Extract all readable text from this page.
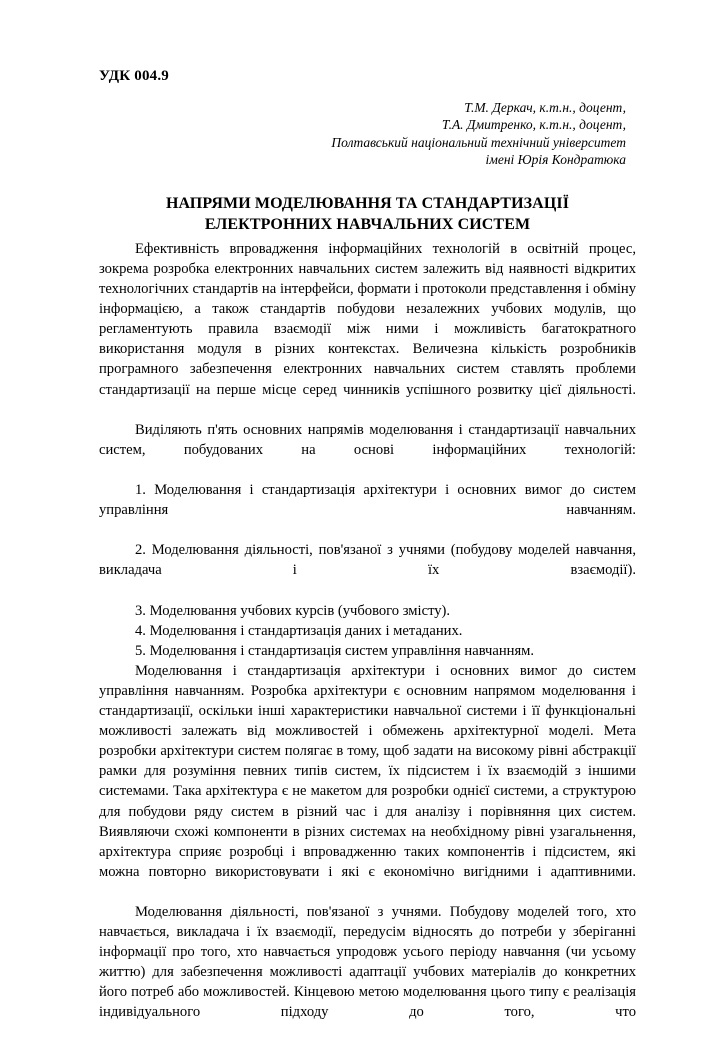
УДК 004.9
Т.М. Деркач, к.т.н., доцент,
Т.А. Дмитренко, к.т.н., доцент,
Полтавський національний технічний університет
імені Юрія Кондратюка
НАПРЯМИ МОДЕЛЮВАННЯ ТА СТАНДАРТИЗАЦІЇ
ЕЛЕКТРОННИХ НАВЧАЛЬНИХ СИСТЕМ

Ефективність впровадження інформаційних технологій в освітній процес, зокрема розробка електронних навчальних систем залежить від наявності відкритих технологічних стандартів на інтерфейси, формати і протоколи представлення і обміну інформацією, а також стандартів побудови незалежних учбових модулів, що регламентують правила взаємодії між ними і можливість багатократного використання модуля в різних контекстах. Величезна кількість розробників програмного забезпечення електронних навчальних систем ставлять проблеми стандартизації на перше місце серед чинників успішного розвитку цієї діяльності.

Виділяють п'ять основних напрямів моделювання і стандартизації навчальних систем, побудованих на основі інформаційних технологій:

1. Моделювання і стандартизація архітектури і основних вимог до систем управління навчанням.

2. Моделювання діяльності, пов'язаної з учнями (побудову моделей навчання, викладача і їх взаємодії).

3. Моделювання учбових курсів (учбового змісту).

4. Моделювання і стандартизація даних і метаданих.

5. Моделювання і стандартизація систем управління навчанням.

Моделювання і стандартизація архітектури і основних вимог до систем управління навчанням. Розробка архітектури є основним напрямом моделювання і стандартизації, оскільки інші характеристики навчальної системи і її функціональні можливості залежать від можливостей і обмежень архітектурної моделі. Мета розробки архітектури систем полягає в тому, щоб задати на високому рівні абстракції рамки для розуміння певних типів систем, їх підсистем і їх взаємодій з іншими системами. Така архітектура є не макетом для розробки однієї системи, а структурою для побудови ряду систем в різний час і для аналізу і порівняння цих систем. Виявляючи схожі компоненти в різних системах на необхідному рівні узагальнення, архітектура сприяє розробці і впровадженню таких компонентів і підсистем, які можна повторно використовувати і які є економічно вигідними і адаптивними.

Моделювання діяльності, пов'язаної з учнями. Побудову моделей того, хто навчається, викладача і їх взаємодії, передусім відносять до потреби у зберіганні інформації про того, хто навчається упродовж усього періоду навчання (чи усьому життю) для забезпечення можливості адаптації учбових матеріалів до конкретних його потреб або можливостей. Кінцевою метою моделювання цього типу є реалізація індивідуального підходу до того, что
